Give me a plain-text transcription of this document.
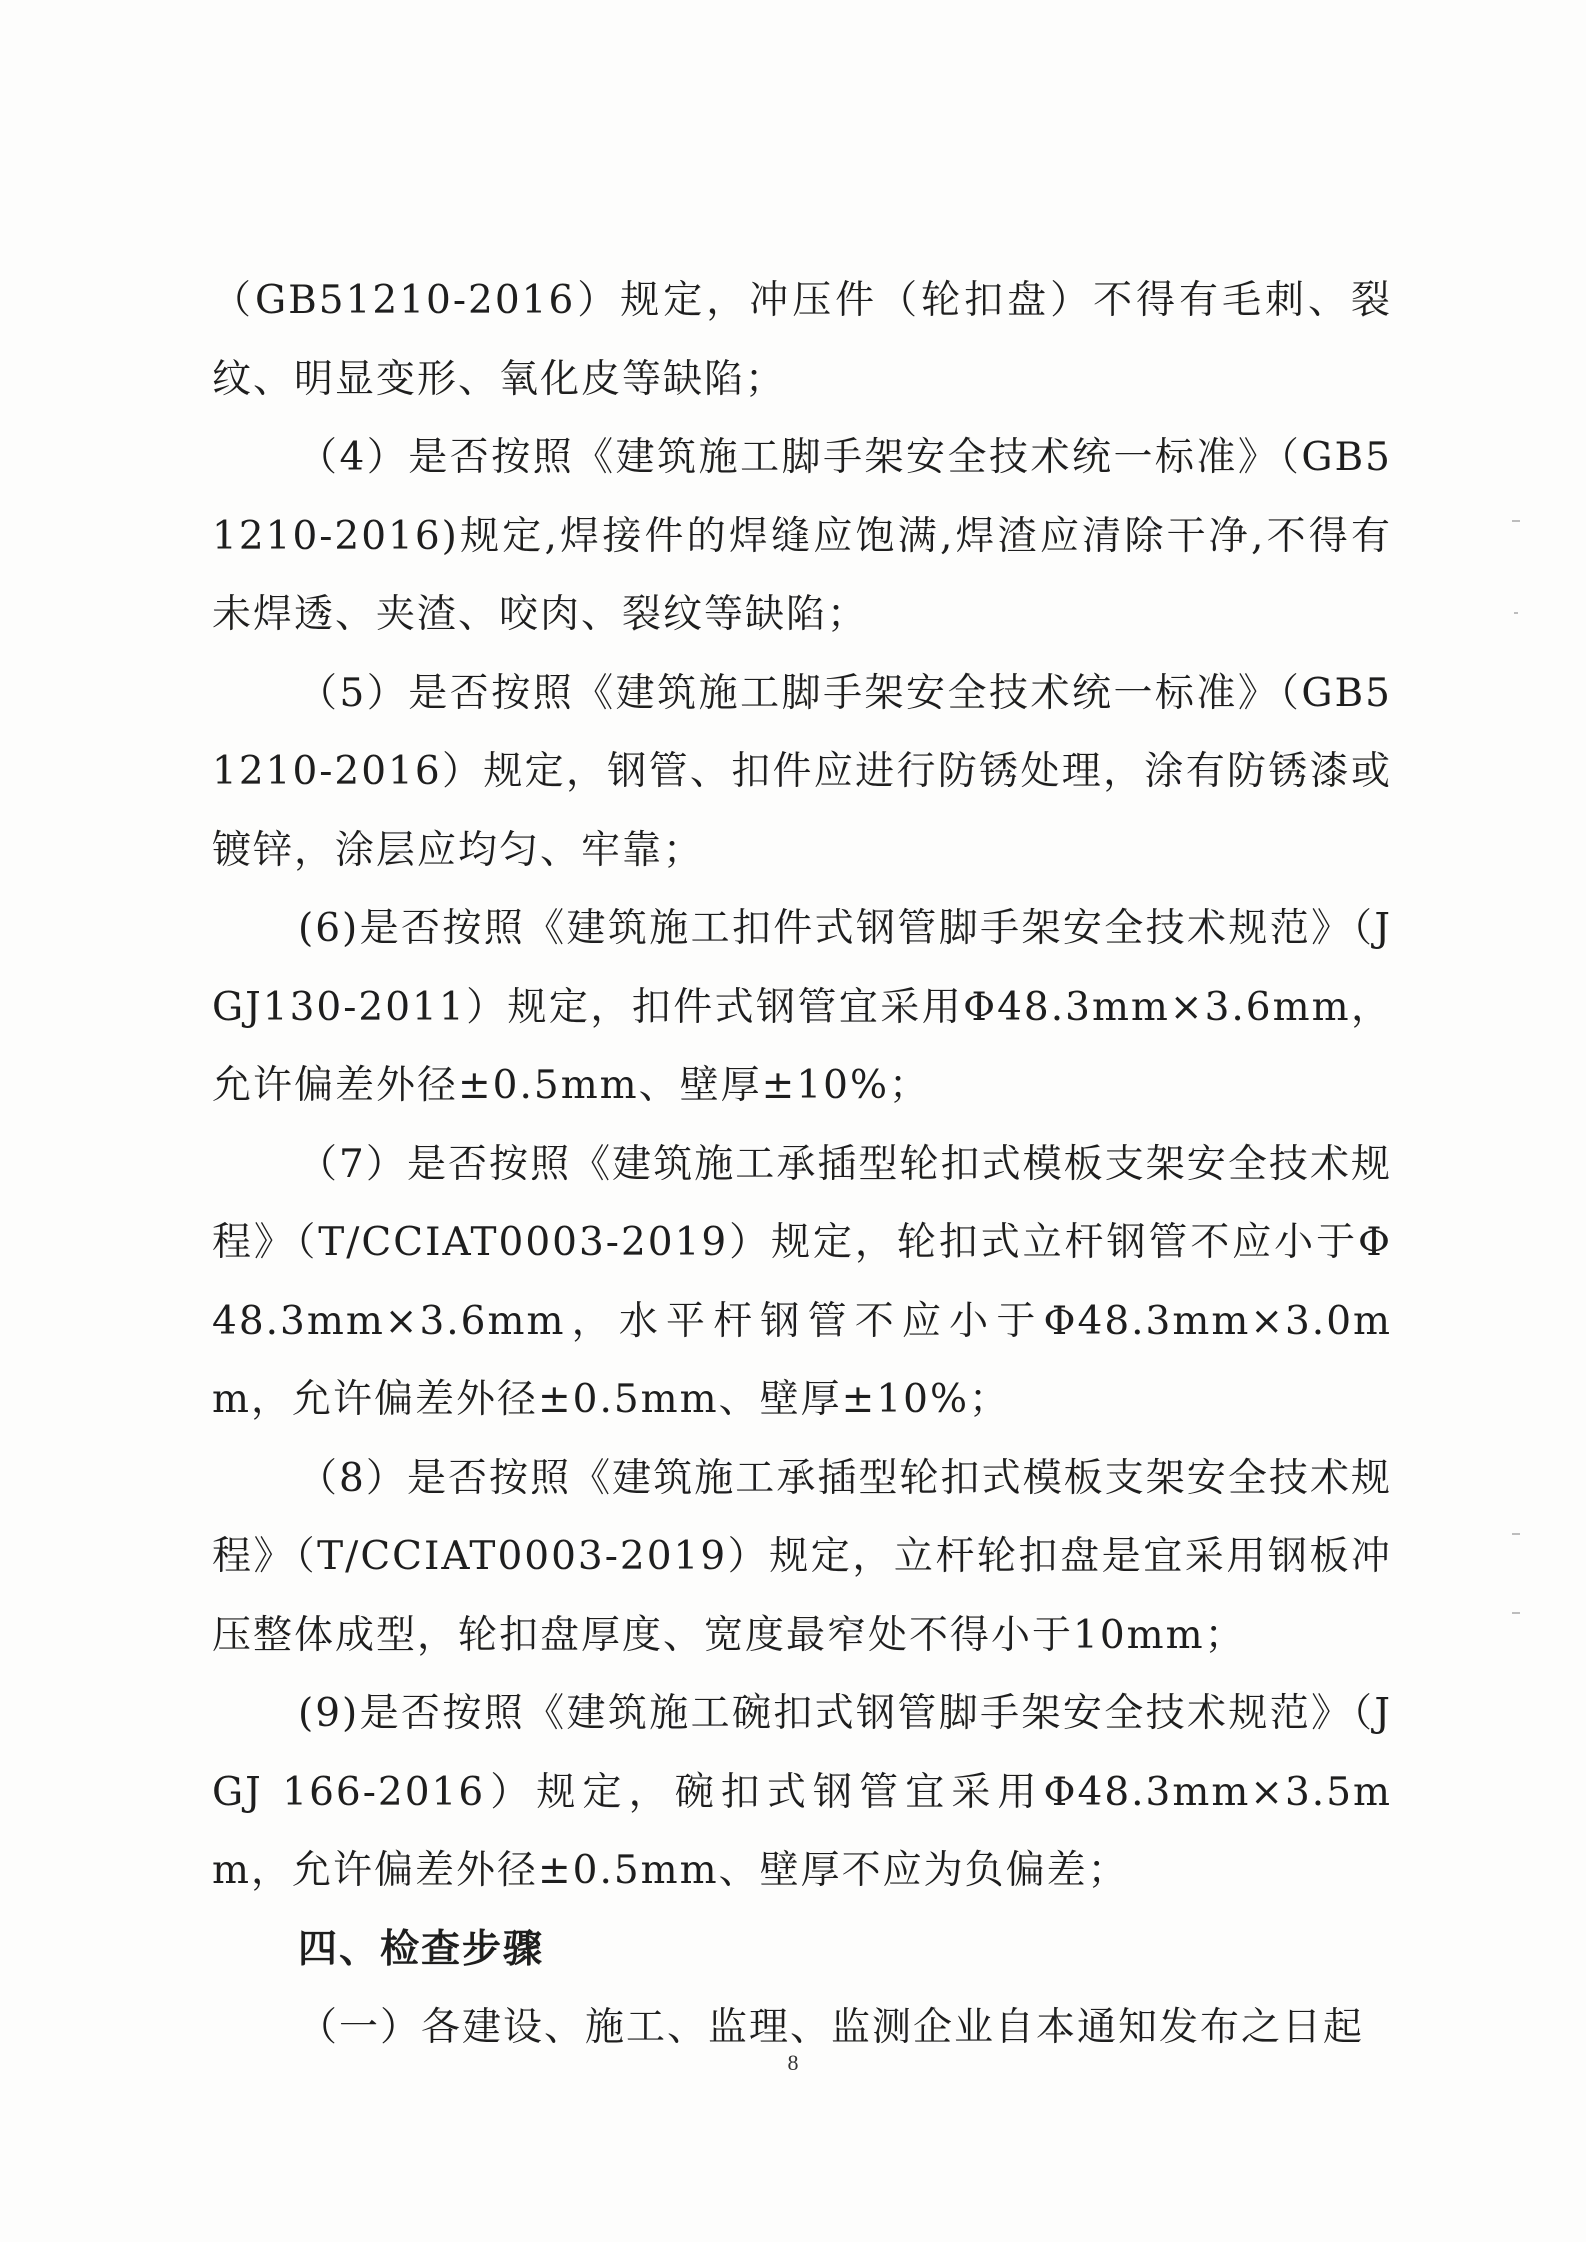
（GB51210-2016）规定，冲压件（轮扣盘）不得有毛刺、裂纹、明显变形、氧化皮等缺陷；

（4）是否按照《建筑施工脚手架安全技术统一标准》（GB51210-2016)规定,焊接件的焊缝应饱满,焊渣应清除干净,不得有未焊透、夹渣、咬肉、裂纹等缺陷；

（5）是否按照《建筑施工脚手架安全技术统一标准》（GB51210-2016）规定，钢管、扣件应进行防锈处理，涂有防锈漆或镀锌，涂层应均匀、牢靠；

(6)是否按照《建筑施工扣件式钢管脚手架安全技术规范》（JGJ130-2011）规定，扣件式钢管宜采用Φ48.3mm×3.6mm，允许偏差外径±0.5mm、壁厚±10%；

（7）是否按照《建筑施工承插型轮扣式模板支架安全技术规程》（T/CCIAT0003-2019）规定，轮扣式立杆钢管不应小于Φ48.3mm×3.6mm，水平杆钢管不应小于Φ48.3mm×3.0mm，允许偏差外径±0.5mm、壁厚±10%；

（8）是否按照《建筑施工承插型轮扣式模板支架安全技术规程》（T/CCIAT0003-2019）规定，立杆轮扣盘是宜采用钢板冲压整体成型，轮扣盘厚度、宽度最窄处不得小于10mm；

(9)是否按照《建筑施工碗扣式钢管脚手架安全技术规范》（JGJ 166-2016）规定，碗扣式钢管宜采用Φ48.3mm×3.5mm，允许偏差外径±0.5mm、壁厚不应为负偏差；

四、检查步骤

（一）各建设、施工、监理、监测企业自本通知发布之日起

8
